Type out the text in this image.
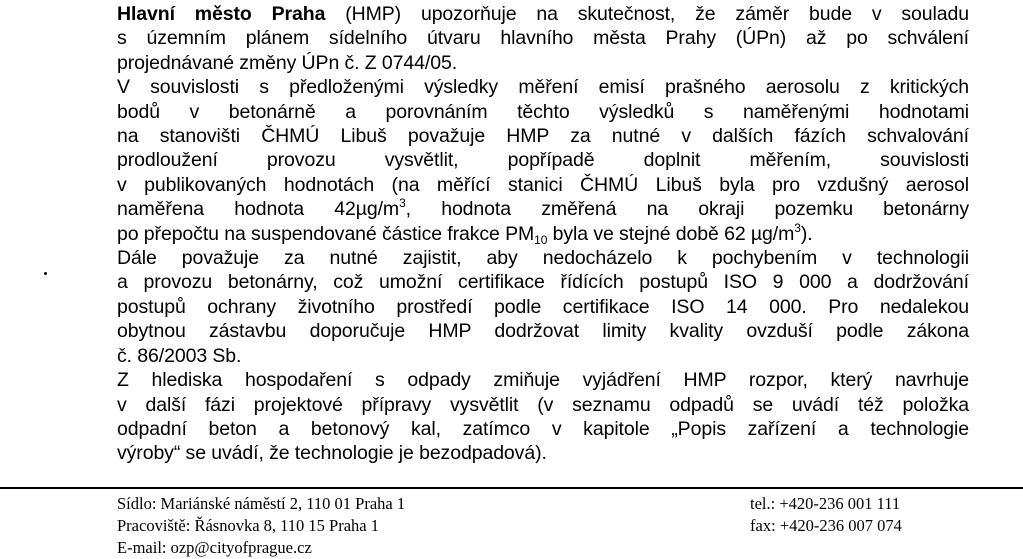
Hlavní město Praha (HMP) upozorňuje na skutečnost, že záměr bude v souladu
s územním plánem sídelního útvaru hlavního města Prahy (ÚPn) až po schválení
projednávané změny ÚPn č. Z 0744/05.

V souvislosti s předloženými výsledky měření emisí prašného aerosolu z kritických
bodů v betonárně a porovnáním těchto výsledků s naměřenými hodnotami
na stanovišti ČHMÚ Libuš považuje HMP za nutné v dalších fázích schvalování
prodloužení provozu vysvětlit, popřípadě doplnit měřením, souvislosti
v publikovaných hodnotách (na měřící stanici ČHMÚ Libuš byla pro vzdušný aerosol
naměřena hodnota $42\mu g/m^3$, hodnota změřená na okraji pozemku betonárny
po přepočtu na suspendované částice frakce $PM_{10}$ byla ve stejné době 62 $\mu g/m^3$).

Dále považuje za nutné zajistit, aby nedocházelo k pochybením v technologii
a provozu betonárny, což umožní certifikace řídících postupů ISO 9 000 a dodržování
postupů ochrany životního prostředí podle certifikace ISO 14 000. Pro nedalekou
obytnou zástavbu doporučuje HMP dodržovat limity kvality ovzduší podle zákona
č. 86/2003 Sb.

Z hlediska hospodaření s odpady zmiňuje vyjádření HMP rozpor, který navrhuje
v další fázi projektové přípravy vysvětlit (v seznamu odpadů se uvádí též položka
odpadní beton a betonový kal, zatímco v kapitole „Popis zařízení a technologie
výroby“ se uvádí, že technologie je bezodpadová).

Sídlo: Mariánské náměstí 2, 110 01 Praha 1
Pracoviště: Řásnovka 8, 110 15 Praha 1
E-mail: ozp@cityofprague.cz
tel.: +420-236 001 111
fax: +420-236 007 074
